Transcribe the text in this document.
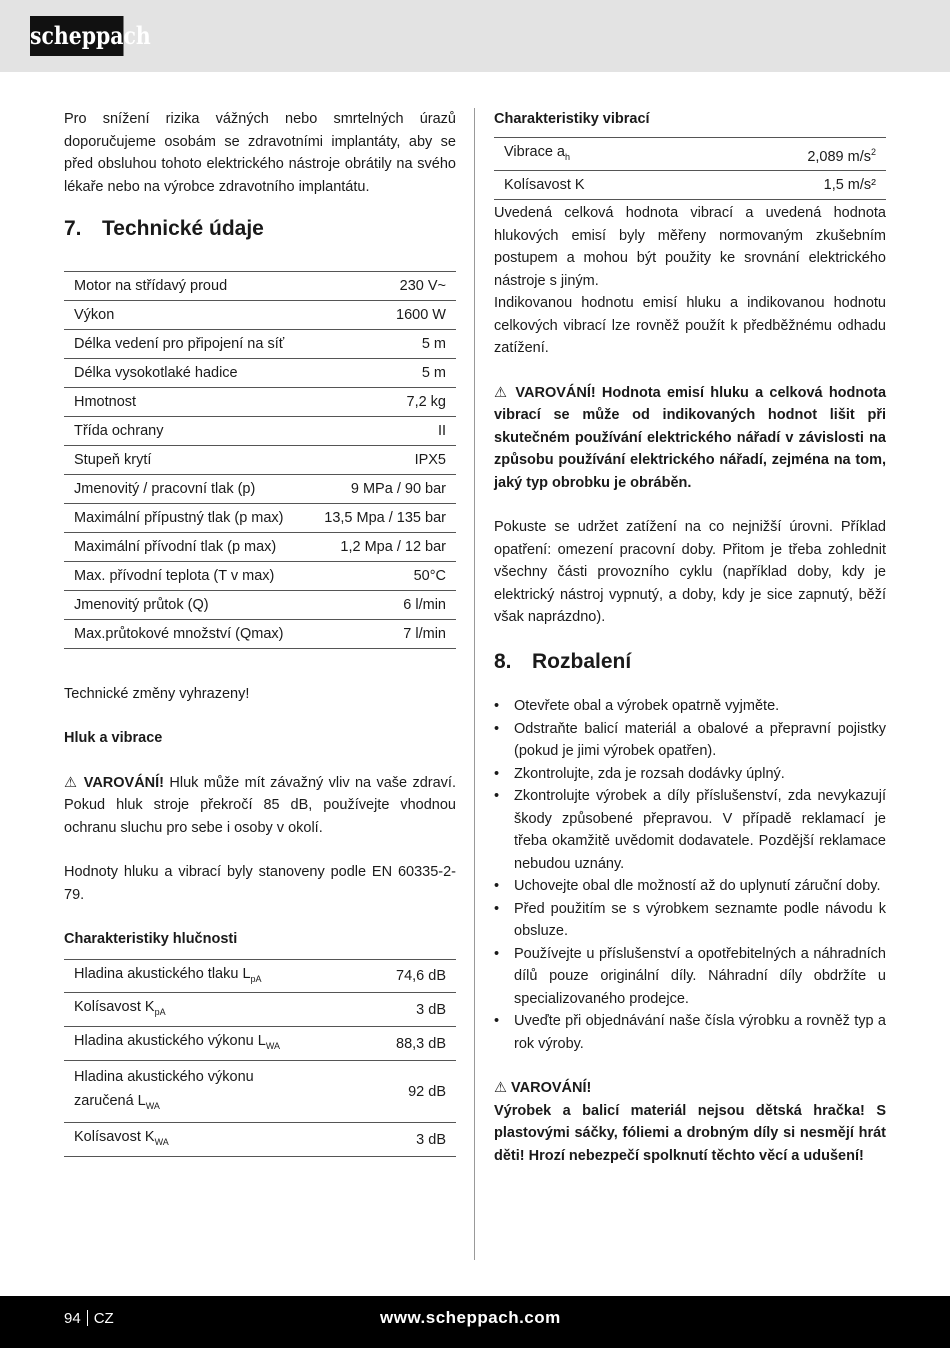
scheppach

Pro snížení rizika vážných nebo smrtelných úrazů doporučujeme osobám se zdravotními implantáty, aby se před obsluhou tohoto elektrického nástroje obrátily na svého lékaře nebo na výrobce zdravotního implantátu.

7. Technické údaje
Motor na střídavý proud	230 V~
Výkon	1600 W
Délka vedení pro připojení na síť	5 m
Délka vysokotlaké hadice	5 m
Hmotnost	7,2 kg
Třída ochrany	II
Stupeň krytí	IPX5
Jmenovitý / pracovní tlak (p)	9 MPa / 90 bar
Maximální přípustný tlak (p max)	13,5 Mpa / 135 bar
Maximální přívodní tlak (p max)	1,2 Mpa / 12 bar
Max. přívodní teplota (T v max)	50°C
Jmenovitý průtok (Q)	6 l/min
Max.průtokové množství (Qmax)	7 l/min

Technické změny vyhrazeny!

Hluk a vibrace

⚠ VAROVÁNÍ! Hluk může mít závažný vliv na vaše zdraví. Pokud hluk stroje překročí 85 dB, používejte vhodnou ochranu sluchu pro sebe i osoby v okolí.

Hodnoty hluku a vibrací byly stanoveny podle EN 60335-2-79.

Charakteristiky hlučnosti

Hladina akustického tlaku $L_{pA}$	74,6 dB
Kolísavost $K_{pA}$	3 dB
Hladina akustického výkonu $L_{WA}$	88,3 dB
Hladina akustického výkonu zaručená $L_{WA}$	92 dB
Kolísavost $K_{WA}$	3 dB

Charakteristiky vibrací

Vibrace $a_h$	2,089 $m/s^2$
Kolísavost K	1,5 m/s²

Uvedená celková hodnota vibrací a uvedená hodnota hlukových emisí byly měřeny normovaným zkušebním postupem a mohou být použity ke srovnání elektrického nástroje s jiným.

Indikovanou hodnotu emisí hluku a indikovanou hodnotu celkových vibrací lze rovněž použít k předběžnému odhadu zatížení.

⚠ VAROVÁNÍ! Hodnota emisí hluku a celková hodnota vibrací se může od indikovaných hodnot lišit při skutečném používání elektrického nářadí v závislosti na způsobu používání elektrického nářadí, zejména na tom, jaký typ obrobku je obráběn.

Pokuste se udržet zatížení na co nejnižší úrovni. Příklad opatření: omezení pracovní doby. Přitom je třeba zohlednit všechny části provozního cyklu (například doby, kdy je elektrický nástroj vypnutý, a doby, kdy je sice zapnutý, běží však naprázdno).

8. Rozbalení
• Otevřete obal a výrobek opatrně vyjměte.
• Odstraňte balicí materiál a obalové a přepravní pojistky (pokud je jimi výrobek opatřen).
• Zkontrolujte, zda je rozsah dodávky úplný.
• Zkontrolujte výrobek a díly příslušenství, zda nevykazují škody způsobené přepravou. V případě reklamací je třeba okamžitě uvědomit dodavatele. Pozdější reklamace nebudou uznány.
• Uchovejte obal dle možností až do uplynutí záruční doby.
• Před použitím se s výrobkem seznamte podle návodu k obsluze.
• Používejte u příslušenství a opotřebitelných a náhradních dílů pouze originální díly. Náhradní díly obdržíte u specializovaného prodejce.
• Uveďte při objednávání naše čísla výrobku a rovněž typ a rok výroby.

⚠ VAROVÁNÍ!

Výrobek a balicí materiál nejsou dětská hračka! S plastovými sáčky, fóliemi a drobným díly si nesmějí hrát děti! Hrozí nebezpečí spolknutí těchto věcí a udušení!

94 CZ	www.scheppach.com
